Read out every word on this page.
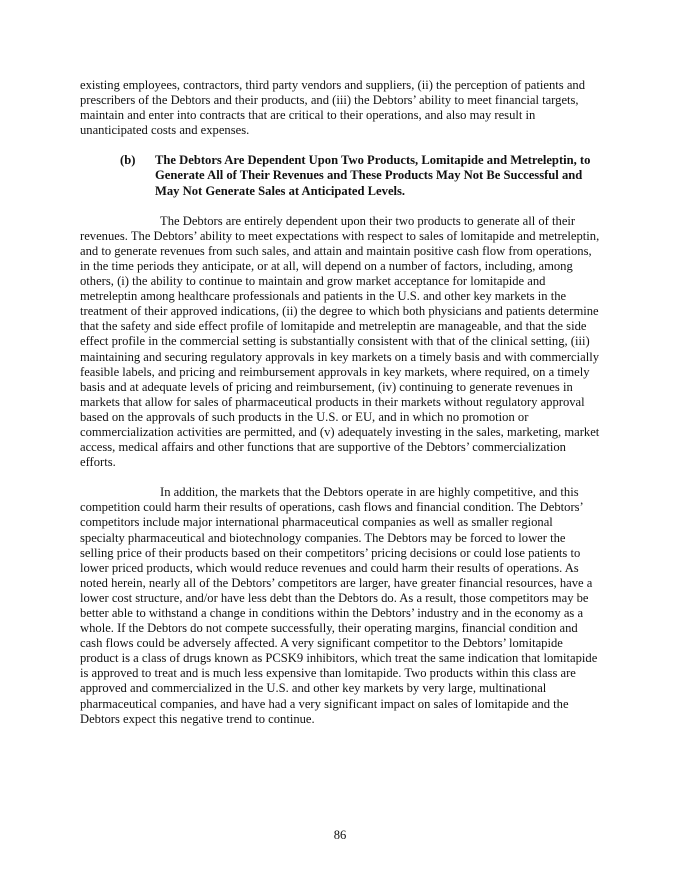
existing employees, contractors, third party vendors and suppliers, (ii) the perception of patients and prescribers of the Debtors and their products, and (iii) the Debtors’ ability to meet financial targets, maintain and enter into contracts that are critical to their operations, and also may result in unanticipated costs and expenses.

(b)	The Debtors Are Dependent Upon Two Products, Lomitapide and Metreleptin, to Generate All of Their Revenues and These Products May Not Be Successful and May Not Generate Sales at Anticipated Levels.

The Debtors are entirely dependent upon their two products to generate all of their revenues. The Debtors’ ability to meet expectations with respect to sales of lomitapide and metreleptin, and to generate revenues from such sales, and attain and maintain positive cash flow from operations, in the time periods they anticipate, or at all, will depend on a number of factors, including, among others, (i) the ability to continue to maintain and grow market acceptance for lomitapide and metreleptin among healthcare professionals and patients in the U.S. and other key markets in the treatment of their approved indications, (ii) the degree to which both physicians and patients determine that the safety and side effect profile of lomitapide and metreleptin are manageable, and that the side effect profile in the commercial setting is substantially consistent with that of the clinical setting, (iii) maintaining and securing regulatory approvals in key markets on a timely basis and with commercially feasible labels, and pricing and reimbursement approvals in key markets, where required, on a timely basis and at adequate levels of pricing and reimbursement, (iv) continuing to generate revenues in markets that allow for sales of pharmaceutical products in their markets without regulatory approval based on the approvals of such products in the U.S. or EU, and in which no promotion or commercialization activities are permitted, and (v) adequately investing in the sales, marketing, market access, medical affairs and other functions that are supportive of the Debtors’ commercialization efforts.

In addition, the markets that the Debtors operate in are highly competitive, and this competition could harm their results of operations, cash flows and financial condition. The Debtors’ competitors include major international pharmaceutical companies as well as smaller regional specialty pharmaceutical and biotechnology companies. The Debtors may be forced to lower the selling price of their products based on their competitors’ pricing decisions or could lose patients to lower priced products, which would reduce revenues and could harm their results of operations. As noted herein, nearly all of the Debtors’ competitors are larger, have greater financial resources, have a lower cost structure, and/or have less debt than the Debtors do. As a result, those competitors may be better able to withstand a change in conditions within the Debtors’ industry and in the economy as a whole. If the Debtors do not compete successfully, their operating margins, financial condition and cash flows could be adversely affected. A very significant competitor to the Debtors’ lomitapide product is a class of drugs known as PCSK9 inhibitors, which treat the same indication that lomitapide is approved to treat and is much less expensive than lomitapide. Two products within this class are approved and commercialized in the U.S. and other key markets by very large, multinational pharmaceutical companies, and have had a very significant impact on sales of lomitapide and the Debtors expect this negative trend to continue.

86
